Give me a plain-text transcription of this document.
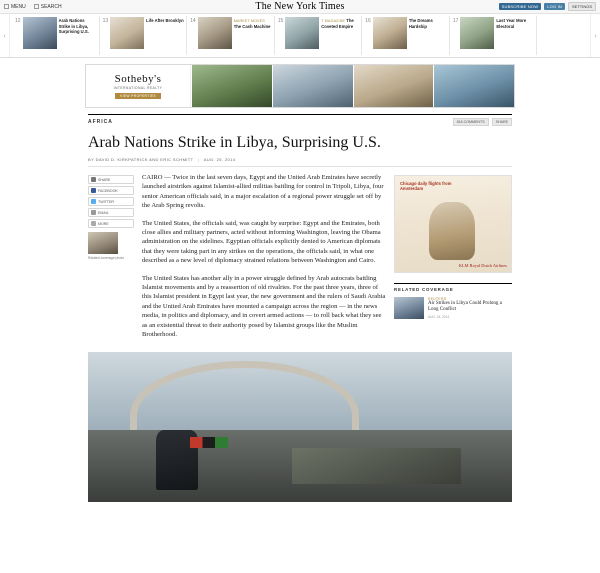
MENU	SEARCH	The New York Times	SUBSCRIBE NOW	LOG IN	SETTINGS
‹
12	Arab Nations Strike in Libya, Surprising U.S.
13	Life After Brooklyn 14	MARKET MOVES The Cash Machine
15	T MAGAZINE The Coveted Empire
16	The Dreams Hardship
17	Last Year More Electoral
›
Sotheby's
INTERNATIONAL REALTY
VIEW PROPERTIES
AFRICA	816 COMMENTS	SHARE
Arab Nations Strike in Libya, Surprising U.S.
BY DAVID D. KIRKPATRICK AND ERIC SCHMITT | AUG. 25, 2014
SHARE
FACEBOOK
TWITTER
EMAIL
MORE
Related coverage photo

CAIRO — Twice in the last seven days, Egypt and the United Arab Emirates have secretly launched airstrikes against Islamist-allied militias battling for control in Tripoli, Libya, four senior American officials said, in a major escalation of a regional power struggle set off by the Arab Spring revolts.

The United States, the officials said, was caught by surprise: Egypt and the Emirates, both close allies and military partners, acted without informing Washington, leaving the Obama administration on the sidelines. Egyptian officials explicitly denied to American diplomats that they were taking part in any strikes on the operations, the officials said, in what one described as a new level of diplomacy strained relations between Washington and Cairo.

The United States has another ally in a power struggle defined by Arab autocrats battling Islamist movements and by a reassertion of old rivalries. For the past three years, three of this Islamist president in Egypt last year, the new government and the rulers of Saudi Arabia and the United Arab Emirates have mounted a campaign across the region — in the news media, in politics and diplomacy, and in covert armed actions — to roll back what they see as an existential threat to their authority posed by Islamist groups like the Muslim Brotherhood.

Chicago daily flights from Amsterdam
KLM Royal Dutch Airlines
RELATED COVERAGE
REUTERS
Air Strikes in Libya Could Prolong a Long Conflict
AUG. 24, 2014
